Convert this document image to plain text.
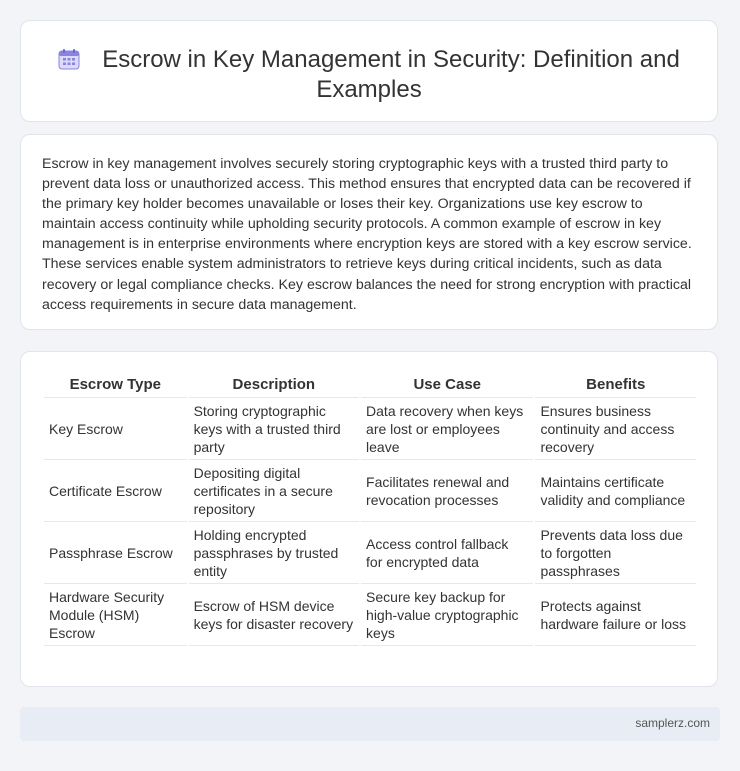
Escrow in Key Management in Security: Definition and
Examples
Escrow in key management involves securely storing cryptographic keys with a trusted third party to prevent data loss or unauthorized access. This method ensures that encrypted data can be recovered if the primary key holder becomes unavailable or loses their key. Organizations use key escrow to maintain access continuity while upholding security protocols. A common example of escrow in key management is in enterprise environments where encryption keys are stored with a key escrow service. These services enable system administrators to retrieve keys during critical incidents, such as data recovery or legal compliance checks. Key escrow balances the need for strong encryption with practical access requirements in secure data management.
Escrow Type	Description	Use Case	Benefits
Key Escrow	Storing cryptographic keys with a trusted third party	Data recovery when keys are lost or employees leave	Ensures business continuity and access recovery
Certificate Escrow	Depositing digital certificates in a secure repository	Facilitates renewal and revocation processes	Maintains certificate validity and compliance
Passphrase Escrow	Holding encrypted passphrases by trusted entity	Access control fallback for encrypted data	Prevents data loss due to forgotten passphrases
Hardware Security Module (HSM) Escrow	Escrow of HSM device keys for disaster recovery	Secure key backup for high-value cryptographic keys	Protects against hardware failure or loss
samplerz.com
